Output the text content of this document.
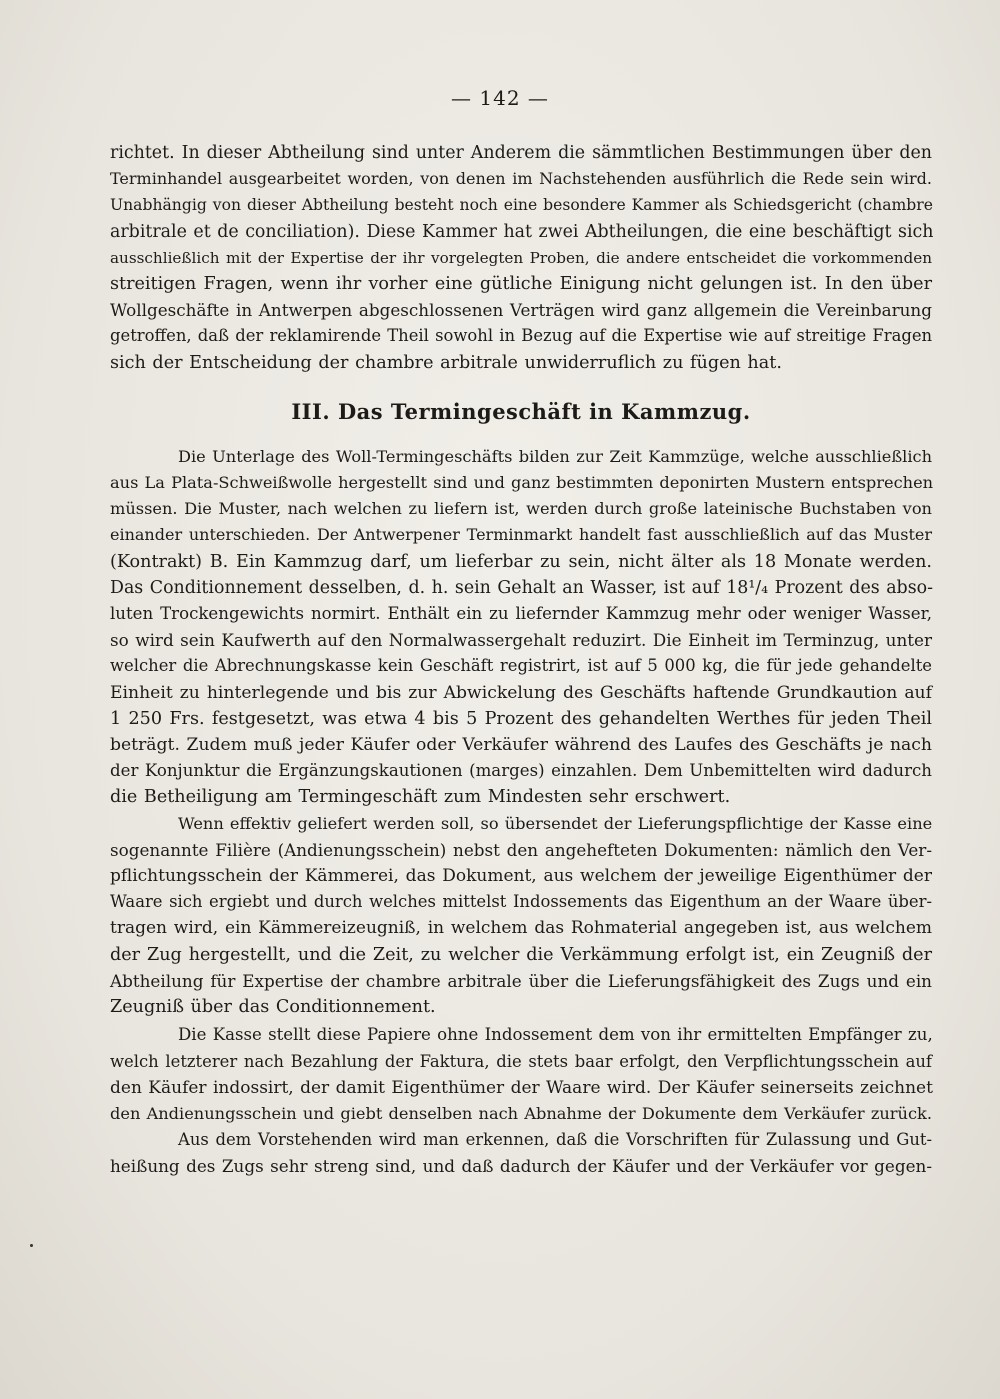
— 142 —

richtet. In dieser Abtheilung sind unter Anderem die sämmtlichen Bestimmungen über den

Terminhandel ausgearbeitet worden, von denen im Nachstehenden ausführlich die Rede sein wird.

Unabhängig von dieser Abtheilung besteht noch eine besondere Kammer als Schiedsgericht (chambre

arbitrale et de conciliation). Diese Kammer hat zwei Abtheilungen, die eine beschäftigt sich

ausschließlich mit der Expertise der ihr vorgelegten Proben, die andere entscheidet die vorkommenden

streitigen Fragen, wenn ihr vorher eine gütliche Einigung nicht gelungen ist. In den über

Wollgeschäfte in Antwerpen abgeschlossenen Verträgen wird ganz allgemein die Vereinbarung

getroffen, daß der reklamirende Theil sowohl in Bezug auf die Expertise wie auf streitige Fragen

sich der Entscheidung der chambre arbitrale unwiderruflich zu fügen hat.

III. Das Termingeschäft in Kammzug.

Die Unterlage des Woll-Termingeschäfts bilden zur Zeit Kammzüge, welche ausschließlich

aus La Plata-Schweißwolle hergestellt sind und ganz bestimmten deponirten Mustern entsprechen

müssen. Die Muster, nach welchen zu liefern ist, werden durch große lateinische Buchstaben von

einander unterschieden. Der Antwerpener Terminmarkt handelt fast ausschließlich auf das Muster

(Kontrakt) B. Ein Kammzug darf, um lieferbar zu sein, nicht älter als 18 Monate werden.

Das Conditionnement desselben, d. h. sein Gehalt an Wasser, ist auf 18¹/₄ Prozent des abso-

luten Trockengewichts normirt. Enthält ein zu liefernder Kammzug mehr oder weniger Wasser,

so wird sein Kaufwerth auf den Normalwassergehalt reduzirt. Die Einheit im Terminzug, unter

welcher die Abrechnungskasse kein Geschäft registrirt, ist auf 5 000 kg, die für jede gehandelte

Einheit zu hinterlegende und bis zur Abwickelung des Geschäfts haftende Grundkaution auf

1 250 Frs. festgesetzt, was etwa 4 bis 5 Prozent des gehandelten Werthes für jeden Theil

beträgt. Zudem muß jeder Käufer oder Verkäufer während des Laufes des Geschäfts je nach

der Konjunktur die Ergänzungskautionen (marges) einzahlen. Dem Unbemittelten wird dadurch

die Betheiligung am Termingeschäft zum Mindesten sehr erschwert.

Wenn effektiv geliefert werden soll, so übersendet der Lieferungspflichtige der Kasse eine

sogenannte Filière (Andienungsschein) nebst den angehefteten Dokumenten: nämlich den Ver-

pflichtungsschein der Kämmerei, das Dokument, aus welchem der jeweilige Eigenthümer der

Waare sich ergiebt und durch welches mittelst Indossements das Eigenthum an der Waare über-

tragen wird, ein Kämmereizeugniß, in welchem das Rohmaterial angegeben ist, aus welchem

der Zug hergestellt, und die Zeit, zu welcher die Verkämmung erfolgt ist, ein Zeugniß der

Abtheilung für Expertise der chambre arbitrale über die Lieferungsfähigkeit des Zugs und ein

Zeugniß über das Conditionnement.

Die Kasse stellt diese Papiere ohne Indossement dem von ihr ermittelten Empfänger zu,

welch letzterer nach Bezahlung der Faktura, die stets baar erfolgt, den Verpflichtungsschein auf

den Käufer indossirt, der damit Eigenthümer der Waare wird. Der Käufer seinerseits zeichnet

den Andienungsschein und giebt denselben nach Abnahme der Dokumente dem Verkäufer zurück.

Aus dem Vorstehenden wird man erkennen, daß die Vorschriften für Zulassung und Gut-

heißung des Zugs sehr streng sind, und daß dadurch der Käufer und der Verkäufer vor gegen-
